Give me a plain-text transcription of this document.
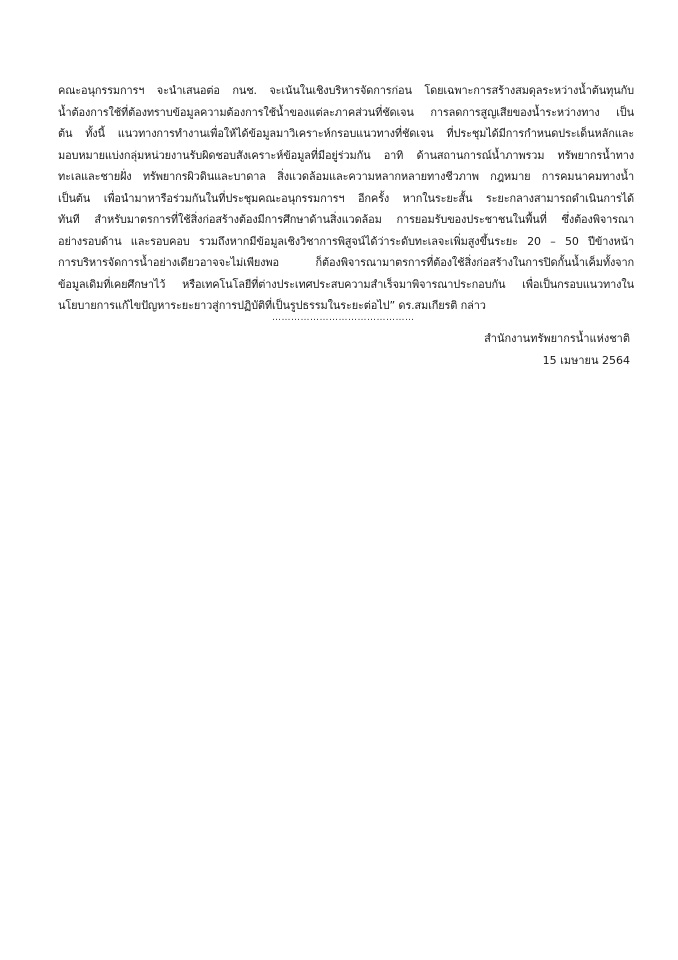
คณะอนุกรรมการฯ จะนำเสนอต่อ กนช. จะเน้นในเชิงบริหารจัดการก่อน โดยเฉพาะการสร้างสมดุลระหว่างน้ำต้นทุนกับ
น้ำต้องการใช้ที่ต้องทราบข้อมูลความต้องการใช้น้ำของแต่ละภาคส่วนที่ชัดเจน การลดการสูญเสียของน้ำระหว่างทาง เป็น
ต้น ทั้งนี้ แนวทางการทำงานเพื่อให้ได้ข้อมูลมาวิเคราะห์กรอบแนวทางที่ชัดเจน ที่ประชุมได้มีการกำหนดประเด็นหลักและ
มอบหมายแบ่งกลุ่มหน่วยงานรับผิดชอบสังเคราะห์ข้อมูลที่มีอยู่ร่วมกัน อาทิ ด้านสถานการณ์น้ำภาพรวม ทรัพยากรน้ำทาง
ทะเลและชายฝั่ง ทรัพยากรผิวดินและบาดาล สิ่งแวดล้อมและความหลากหลายทางชีวภาพ กฎหมาย การคมนาคมทางน้ำ
เป็นต้น เพื่อนำมาหารือร่วมกันในที่ประชุมคณะอนุกรรมการฯ อีกครั้ง หากในระยะสั้น ระยะกลางสามารถดำเนินการได้
ทันที สำหรับมาตรการที่ใช้สิ่งก่อสร้างต้องมีการศึกษาด้านสิ่งแวดล้อม การยอมรับของประชาชนในพื้นที่ ซึ่งต้องพิจารณา
อย่างรอบด้าน และรอบคอบ รวมถึงหากมีข้อมูลเชิงวิชาการพิสูจน์ได้ว่าระดับทะเลจะเพิ่มสูงขึ้นระยะ 20 – 50 ปีข้างหน้า
การบริหารจัดการน้ำอย่างเดียวอาจจะไม่เพียงพอ ก็ต้องพิจารณามาตรการที่ต้องใช้สิ่งก่อสร้างในการปิดกั้นน้ำเค็มทั้งจาก
ข้อมูลเดิมที่เคยศึกษาไว้ หรือเทคโนโลยีที่ต่างประเทศประสบความสำเร็จมาพิจารณาประกอบกัน เพื่อเป็นกรอบแนวทางใน
นโยบายการแก้ไขปัญหาระยะยาวสู่การปฏิบัติที่เป็นรูปธรรมในระยะต่อไป” ดร.สมเกียรติ กล่าว
………………………………………
สำนักงานทรัพยากรน้ำแห่งชาติ
15 เมษายน 2564
